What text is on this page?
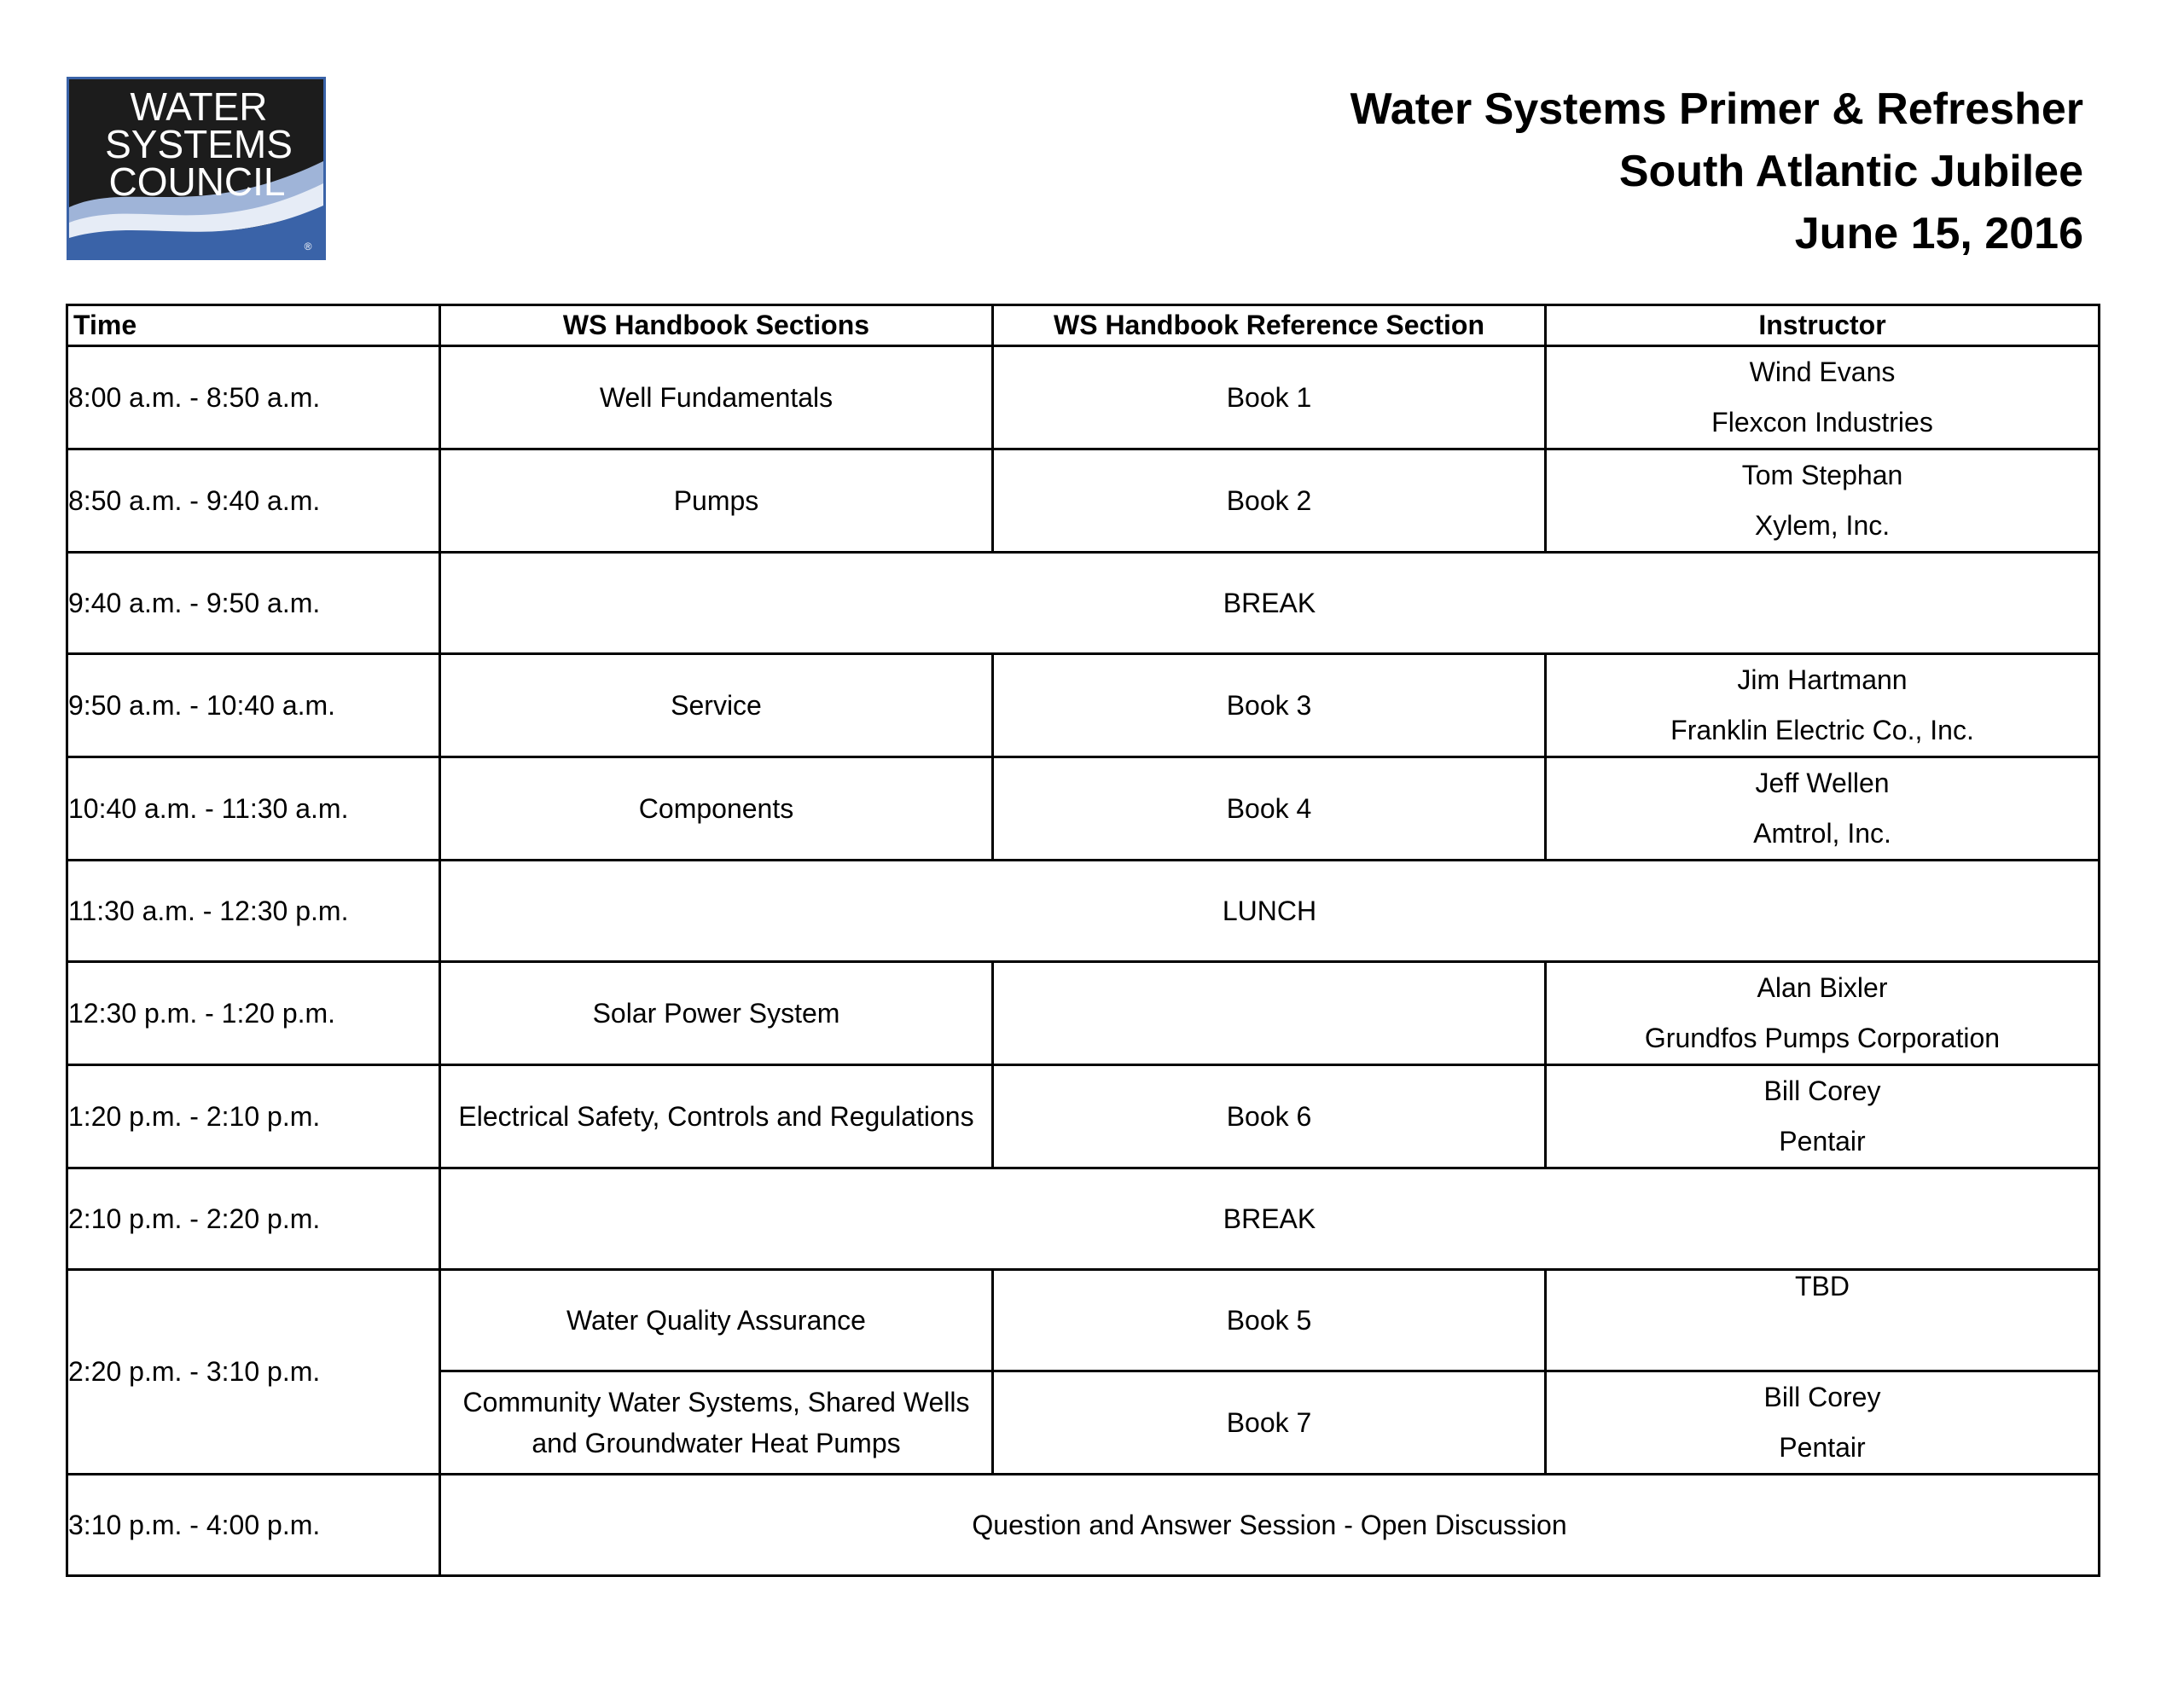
WATER
SYSTEMS
COUNCIL
®
Water Systems Primer & Refresher
South Atlantic Jubilee
June 15, 2016
Time	WS Handbook Sections	WS Handbook Reference Section	Instructor
8:00 a.m. - 8:50 a.m.	Well Fundamentals	Book 1	Wind Evans
Flexcon Industries

8:50 a.m. - 9:40 a.m.	Pumps	Book 2	Tom Stephan
Xylem, Inc.

9:40 a.m. - 9:50 a.m.	BREAK		
9:50 a.m. - 10:40 a.m.	Service	Book 3	Jim Hartmann
Franklin Electric Co., Inc.

10:40 a.m. - 11:30 a.m.	Components	Book 4	Jeff Wellen
Amtrol, Inc.

11:30 a.m. - 12:30 p.m.	LUNCH		
12:30 p.m. - 1:20 p.m.	Solar Power System		Alan Bixler
Grundfos Pumps Corporation

1:20 p.m. - 2:10 p.m.	Electrical Safety, Controls and Regulations	Book 6	Bill Corey
Pentair

2:10 p.m. - 2:20 p.m.	BREAK		
2:20 p.m. - 3:10 p.m.	Water Quality Assurance	Book 5	TBD

	Community Water Systems, Shared Wells
and Groundwater Heat Pumps	Book 7	Bill Corey
Pentair

3:10 p.m. - 4:00 p.m.	Question and Answer Session - Open Discussion		
